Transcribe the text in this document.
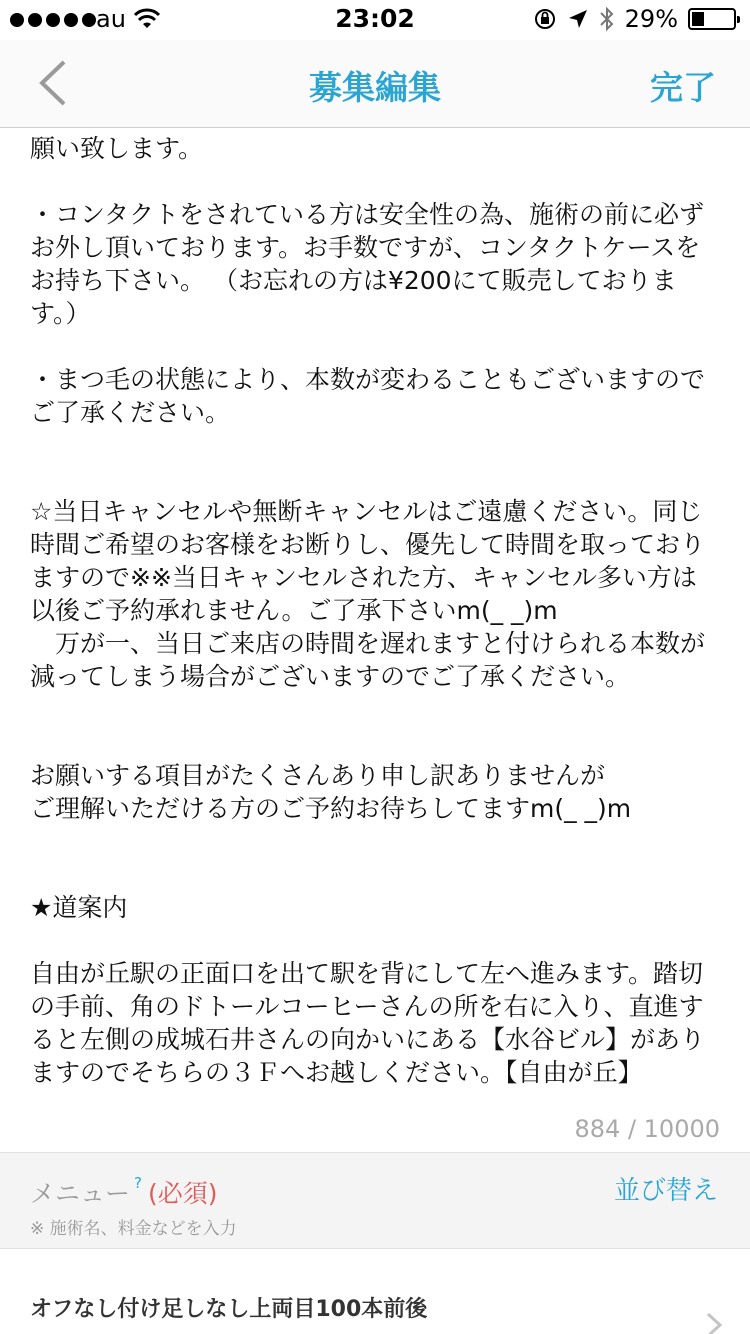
au	23:02	29%
募集編集	完了

願い致します。

・コンタクトをされている方は安全性の為、施術の前に必ずお外し頂いております。お手数ですが、コンタクトケースをお持ち下さい。 （お忘れの方は¥200にて販売しております。）

・まつ毛の状態により、本数が変わることもございますのでご了承ください。

☆当日キャンセルや無断キャンセルはご遠慮ください。同じ時間ご希望のお客様をお断りし、優先して時間を取っておりますので※※当日キャンセルされた方、キャンセル多い方は以後ご予約承れません。ご了承下さいm(_ _)m

　万が一、当日ご来店の時間を遅れますと付けられる本数が減ってしまう場合がございますのでご了承ください。

お願いする項目がたくさんあり申し訳ありませんが

ご理解いただける方のご予約お待ちしてますm(_ _)m

★道案内

自由が丘駅の正面口を出て駅を背にして左へ進みます。踏切の手前、角のドトールコーヒーさんの所を右に入り、直進すると左側の成城石井さんの向かいにある【水谷ビル】がありますのでそちらの３Ｆへお越しください。【自由が丘】

884 / 10000
メニュー ? (必須)
※ 施術名、料金などを入力
並び替え
オフなし付け足しなし上両目100本前後
